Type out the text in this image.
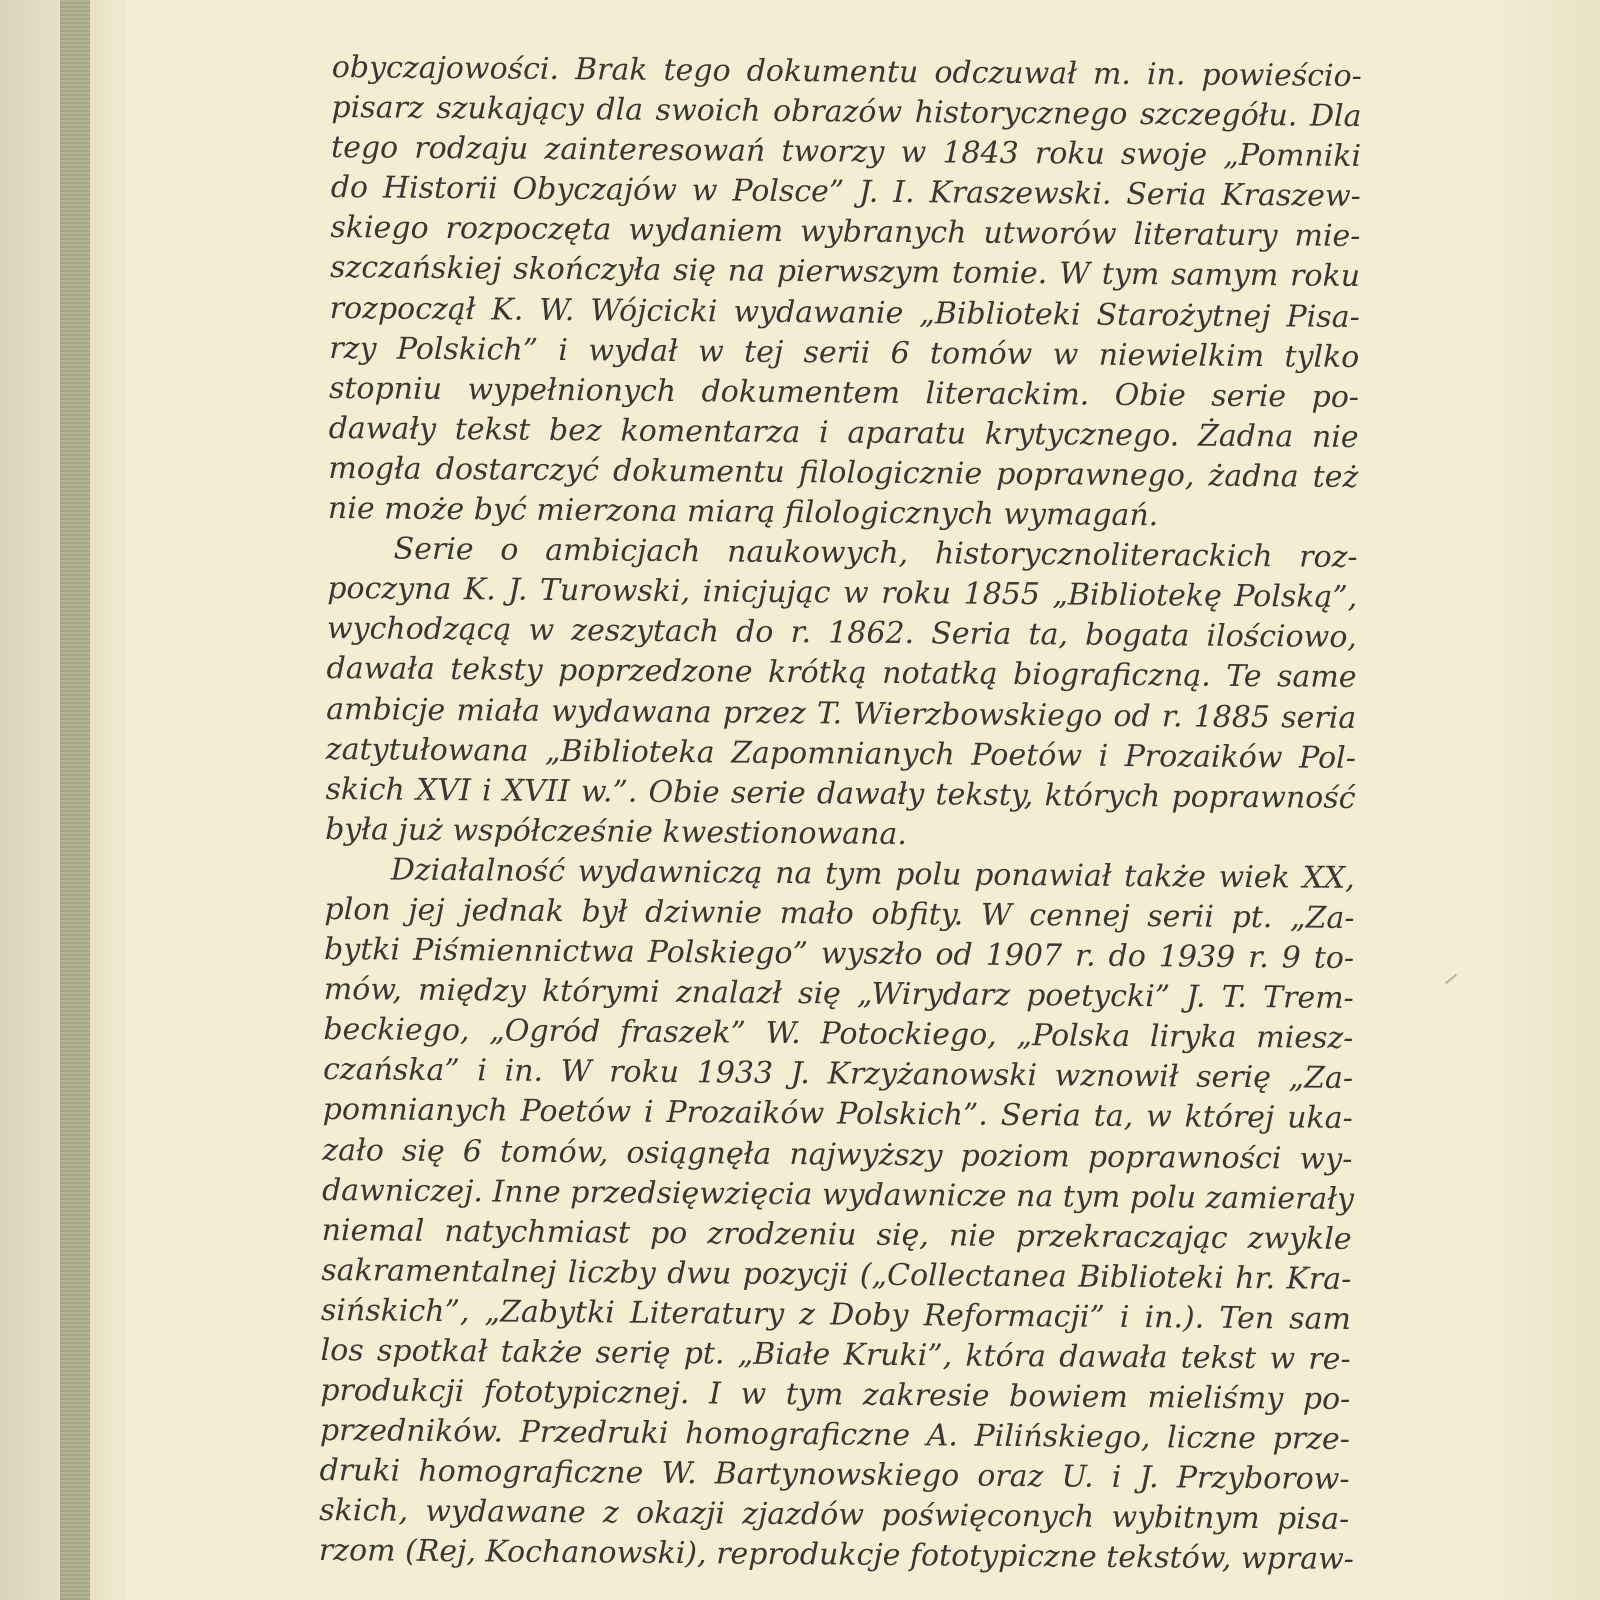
obyczajowości. Brak tego dokumentu odczuwał m. in. powieścio-
pisarz szukający dla swoich obrazów historycznego szczegółu. Dla
tego rodzaju zainteresowań tworzy w 1843 roku swoje „Pomniki
do Historii Obyczajów w Polsce” J. I. Kraszewski. Seria Kraszew-
skiego rozpoczęta wydaniem wybranych utworów literatury mie-
szczańskiej skończyła się na pierwszym tomie. W tym samym roku
rozpoczął K. W. Wójcicki wydawanie „Biblioteki Starożytnej Pisa-
rzy Polskich” i wydał w tej serii 6 tomów w niewielkim tylko
stopniu wypełnionych dokumentem literackim. Obie serie po-
dawały tekst bez komentarza i aparatu krytycznego. Żadna nie
mogła dostarczyć dokumentu filologicznie poprawnego, żadna też
nie może być mierzona miarą filologicznych wymagań.
Serie o ambicjach naukowych, historycznoliterackich roz-
poczyna K. J. Turowski, inicjując w roku 1855 „Bibliotekę Polską”,
wychodzącą w zeszytach do r. 1862. Seria ta, bogata ilościowo,
dawała teksty poprzedzone krótką notatką biograficzną. Te same
ambicje miała wydawana przez T. Wierzbowskiego od r. 1885 seria
zatytułowana „Biblioteka Zapomnianych Poetów i Prozaików Pol-
skich XVI i XVII w.”. Obie serie dawały teksty, których poprawność
była już współcześnie kwestionowana.
Działalność wydawniczą na tym polu ponawiał także wiek XX,
plon jej jednak był dziwnie mało obfity. W cennej serii pt. „Za-
bytki Piśmiennictwa Polskiego” wyszło od 1907 r. do 1939 r. 9 to-
mów, między którymi znalazł się „Wirydarz poetycki” J. T. Trem-
beckiego, „Ogród fraszek” W. Potockiego, „Polska liryka miesz-
czańska” i in. W roku 1933 J. Krzyżanowski wznowił serię „Za-
pomnianych Poetów i Prozaików Polskich”. Seria ta, w której uka-
zało się 6 tomów, osiągnęła najwyższy poziom poprawności wy-
dawniczej. Inne przedsięwzięcia wydawnicze na tym polu zamierały
niemal natychmiast po zrodzeniu się, nie przekraczając zwykle
sakramentalnej liczby dwu pozycji („Collectanea Biblioteki hr. Kra-
sińskich”, „Zabytki Literatury z Doby Reformacji” i in.). Ten sam
los spotkał także serię pt. „Białe Kruki”, która dawała tekst w re-
produkcji fototypicznej. I w tym zakresie bowiem mieliśmy po-
przedników. Przedruki homograficzne A. Pilińskiego, liczne prze-
druki homograficzne W. Bartynowskiego oraz U. i J. Przyborow-
skich, wydawane z okazji zjazdów poświęconych wybitnym pisa-
rzom (Rej, Kochanowski), reprodukcje fototypiczne tekstów, wpraw-
